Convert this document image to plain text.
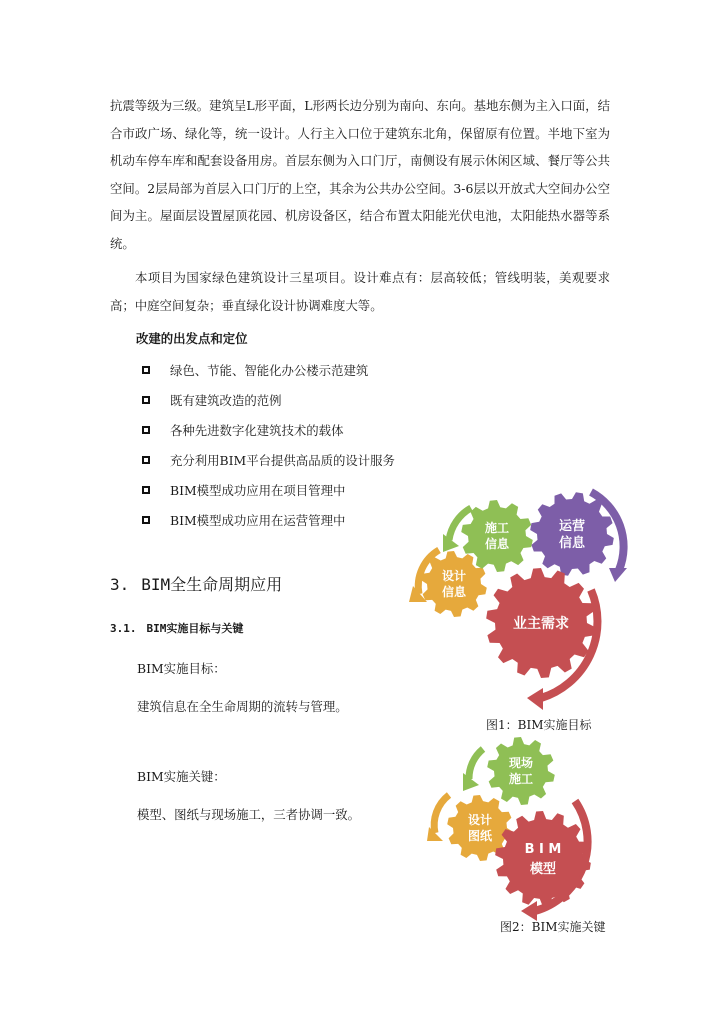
抗震等级为三级。建筑呈L形平面，L形两长边分别为南向、东向。基地东侧为主入口面，结合市政广场、绿化等，统一设计。人行主入口位于建筑东北角，保留原有位置。半地下室为机动车停车库和配套设备用房。首层东侧为入口门厅，南侧设有展示休闲区域、餐厅等公共空间。2层局部为首层入口门厅的上空，其余为公共办公空间。3-6层以开放式大空间办公空间为主。屋面层设置屋顶花园、机房设备区，结合布置太阳能光伏电池，太阳能热水器等系统。

本项目为国家绿色建筑设计三星项目。设计难点有：层高较低；管线明装，美观要求高；中庭空间复杂；垂直绿化设计协调难度大等。

改建的出发点和定位

绿色、节能、智能化办公楼示范建筑
既有建筑改造的范例
各种先进数字化建筑技术的载体
充分利用BIM平台提供高品质的设计服务
BIM模型成功应用在项目管理中
BIM模型成功应用在运营管理中
3. BIM全生命周期应用
3.1. BIM实施目标与关键

BIM实施目标：

建筑信息在全生命周期的流转与管理。

BIM实施关键：

模型、图纸与现场施工，三者协调一致。

设计
信息
施工
信息
运营
信息
业主需求

图1：BIM实施目标

设计
图纸
现场
施工
B I M
模型

图2：BIM实施关键
